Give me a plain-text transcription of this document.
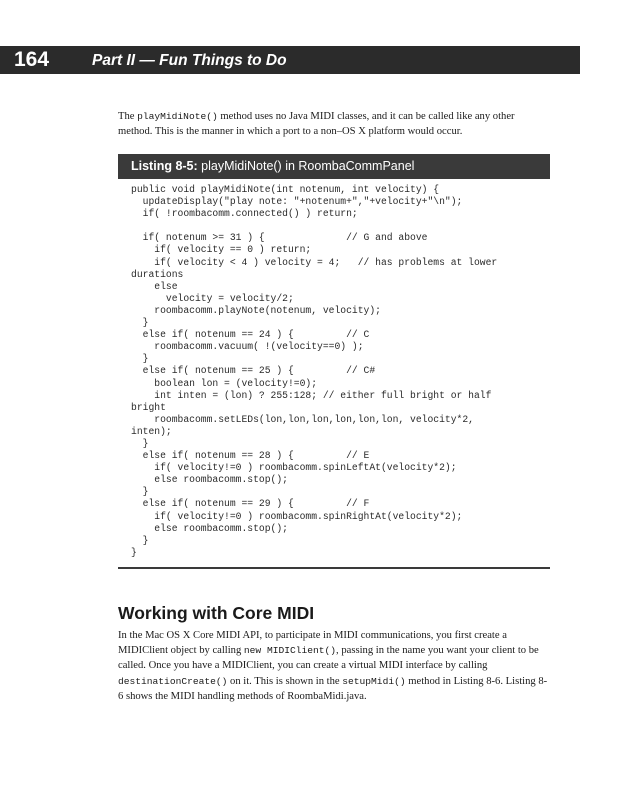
164	Part II — Fun Things to Do

The playMidiNote() method uses no Java MIDI classes, and it can be called like any other method. This is the manner in which a port to a non–OS X platform would occur.

Listing 8-5: playMidiNote() in RoombaCommPanel
public void playMidiNote(int notenum, int velocity) {
updateDisplay("play note: "+notenum+","+velocity+"\n");
if( !roombacomm.connected() ) return;
if( notenum >= 31 ) {              // G and above
if( velocity == 0 ) return;
if( velocity < 4 ) velocity = 4;   // has problems at lower
durations
else
velocity = velocity/2;
roombacomm.playNote(notenum, velocity);
}
else if( notenum == 24 ) {         // C
roombacomm.vacuum( !(velocity==0) );
}
else if( notenum == 25 ) {         // C#
boolean lon = (velocity!=0);
int inten = (lon) ? 255:128; // either full bright or half
bright
roombacomm.setLEDs(lon,lon,lon,lon,lon,lon, velocity*2,
inten);
}
else if( notenum == 28 ) {         // E
if( velocity!=0 ) roombacomm.spinLeftAt(velocity*2);
else roombacomm.stop();
}
else if( notenum == 29 ) {         // F
if( velocity!=0 ) roombacomm.spinRightAt(velocity*2);
else roombacomm.stop();
}
}
Working with Core MIDI

In the Mac OS X Core MIDI API, to participate in MIDI communications, you first create a MIDIClient object by calling new MIDIClient(), passing in the name you want your client to be called. Once you have a MIDIClient, you can create a virtual MIDI interface by calling destinationCreate() on it. This is shown in the setupMidi() method in Listing 8-6. Listing 8-6 shows the MIDI handling methods of RoombaMidi.java.
